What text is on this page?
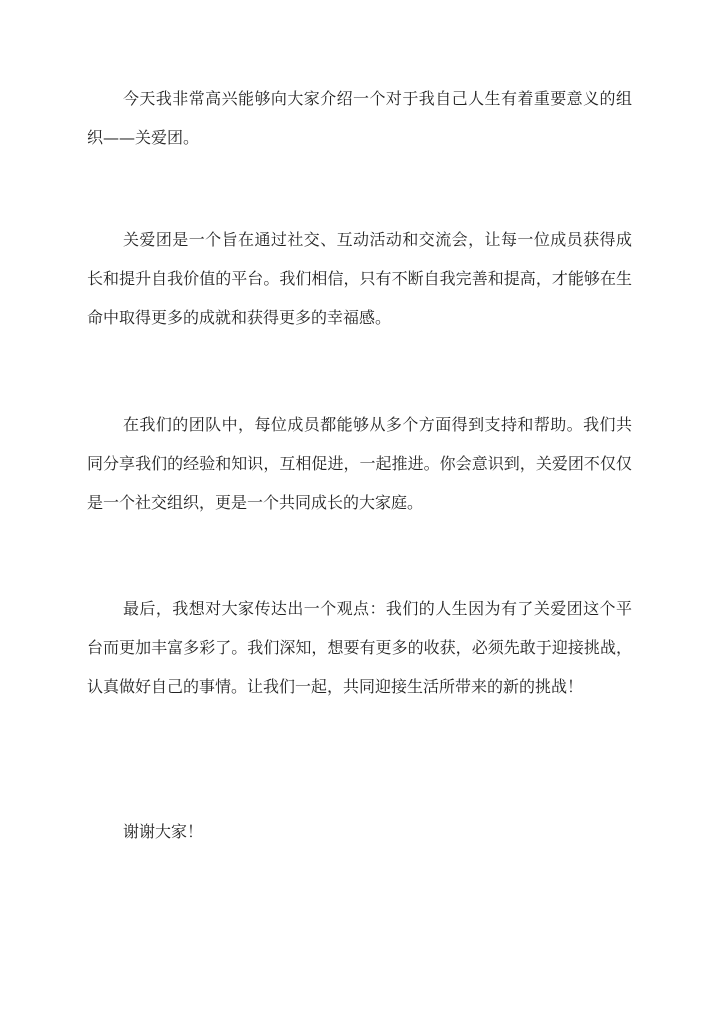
今天我非常高兴能够向大家介绍一个对于我自己人生有着重要意义的组织——关爱团。

关爱团是一个旨在通过社交、互动活动和交流会，让每一位成员获得成长和提升自我价值的平台。我们相信，只有不断自我完善和提高，才能够在生命中取得更多的成就和获得更多的幸福感。

在我们的团队中，每位成员都能够从多个方面得到支持和帮助。我们共同分享我们的经验和知识，互相促进，一起推进。你会意识到，关爱团不仅仅是一个社交组织，更是一个共同成长的大家庭。

最后，我想对大家传达出一个观点：我们的人生因为有了关爱团这个平台而更加丰富多彩了。我们深知，想要有更多的收获，必须先敢于迎接挑战，认真做好自己的事情。让我们一起，共同迎接生活所带来的新的挑战！

谢谢大家！
